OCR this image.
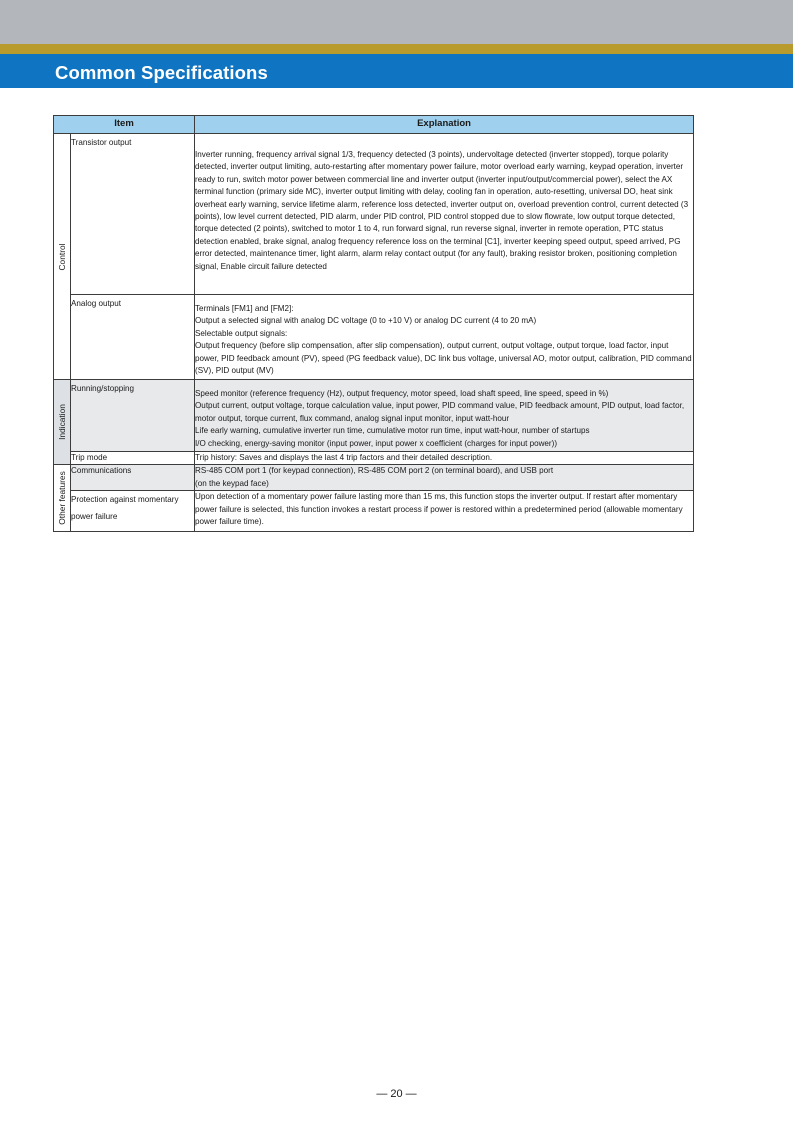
Common Specifications
Item		Explanation

Control	Transistor output	Inverter running, frequency arrival signal 1/3, frequency detected (3 points), undervoltage detected (inverter stopped), torque polarity detected, inverter output limiting, auto-restarting after momentary power failure, motor overload early warning, keypad operation, inverter ready to run, switch motor power between commercial line and inverter output (inverter input/output/commercial power), select the AX terminal function (primary side MC), inverter output limiting with delay, cooling fan in operation, auto-resetting, universal DO, heat sink overheat early warning, service lifetime alarm, reference loss detected, inverter output on, overload prevention control, current detected (3 points), low level current detected, PID alarm, under PID control, PID control stopped due to slow flowrate, low output torque detected, torque detected (2 points), switched to motor 1 to 4, run forward signal, run reverse signal, inverter in remote operation, PTC status detection enabled, brake signal, analog frequency reference loss on the terminal [C1], inverter keeping speed output, speed arrived, PG error detected, maintenance timer, light alarm, alarm relay contact output (for any fault), braking resistor broken, positioning completion signal, Enable circuit failure detected
	Analog output	Terminals [FM1] and [FM2]:
Output a selected signal with analog DC voltage (0 to +10 V) or analog DC current (4 to 20 mA)
Selectable output signals:
Output frequency (before slip compensation, after slip compensation), output current, output voltage, output torque, load factor, input power, PID feedback amount (PV), speed (PG feedback value), DC link bus voltage, universal AO, motor output, calibration, PID command (SV), PID output (MV)

Indication	Running/stopping	Speed monitor (reference frequency (Hz), output frequency, motor speed, load shaft speed, line speed, speed in %)
Output current, output voltage, torque calculation value, input power, PID command value, PID feedback amount, PID output, load factor, motor output, torque current, flux command, analog signal input monitor, input watt-hour
Life early warning, cumulative inverter run time, cumulative motor run time, input watt-hour, number of startups
I/O checking, energy-saving monitor (input power, input power x coefficient (charges for input power))
	Trip mode	Trip history: Saves and displays the last 4 trip factors and their detailed description.

Other features	Communications	RS-485 COM port 1 (for keypad connection), RS-485 COM port 2 (on terminal board), and USB port
(on the keypad face)
	Protection against momentary power failure	Upon detection of a momentary power failure lasting more than 15 ms, this function stops the inverter output. If restart after momentary power failure is selected, this function invokes a restart process if power is restored within a predetermined period (allowable momentary power failure time).
— 20 —
